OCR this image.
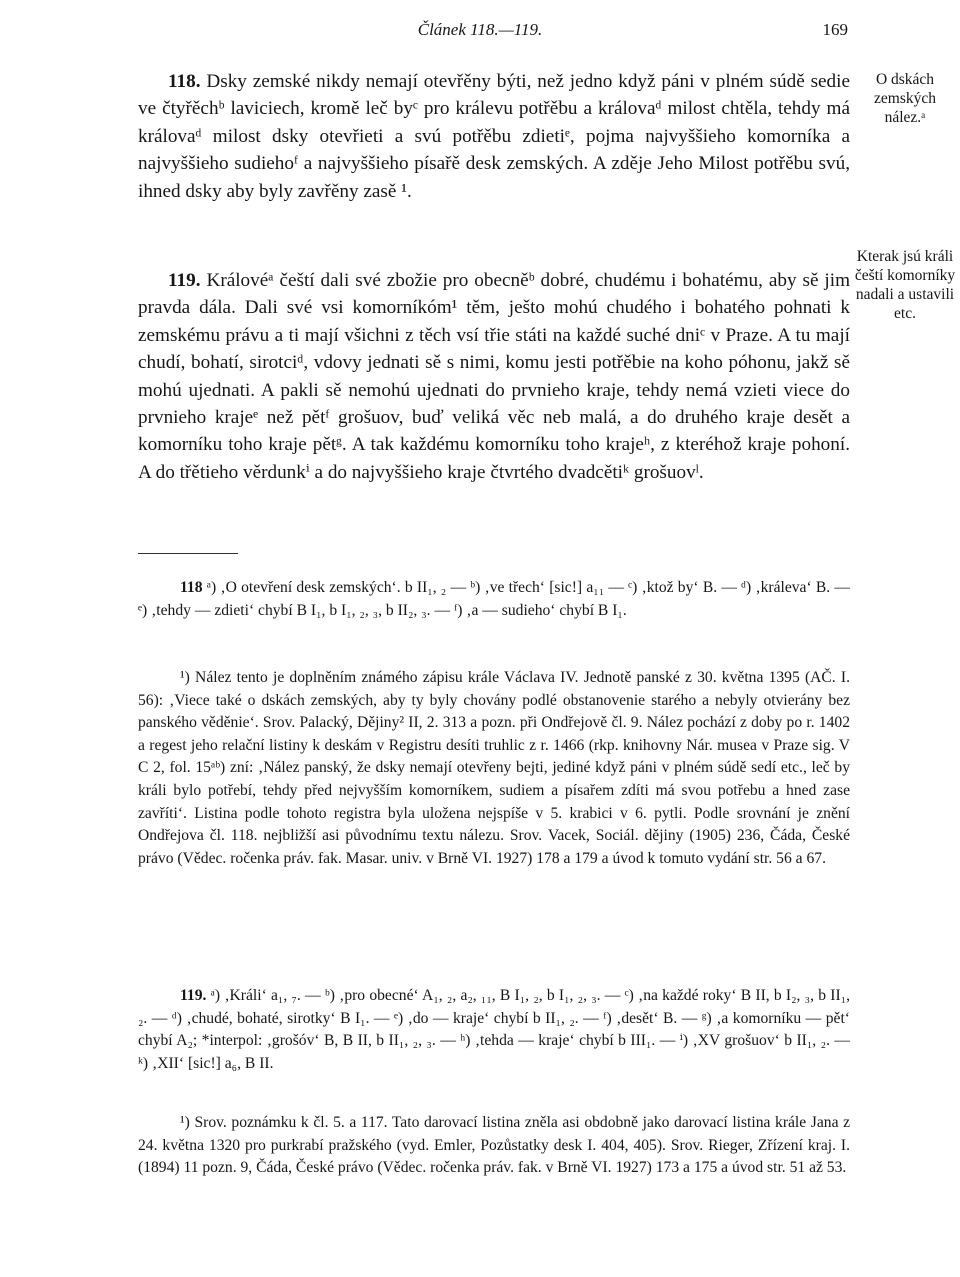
Článek 118.—119.	169

118. Dsky zemské nikdy nemají otevřěny býti, než jedno když páni v plném súdě sedie ve čtyřěchᵇ laviciech, kromě leč byᶜ pro králevu potřěbu a královaᵈ milost chtěla, tehdy má královaᵈ milost dsky otevřieti a svú potřěbu zdietiᵉ, pojma najvyššieho komorníka a najvyššieho sudiehoᶠ a najvyššieho písařě desk zemských. A zděje Jeho Milost potřěbu svú, ihned dsky aby byly zavřěny zasě ¹.

O dskách zemských nález.ᵃ

119. Královéᵃ čeští dali své zbožie pro obecněᵇ dobré, chudému i bohatému, aby sě jim pravda dála. Dali své vsi komorníkóm¹ těm, ješto mohú chudého i bohatého pohnati k zemskému právu a ti mají všichni z těch vsí třie státi na každé suché dniᶜ v Praze. A tu mají chudí, bohatí, sirotciᵈ, vdovy jednati sě s nimi, komu jesti potřěbie na koho póhonu, jakž sě mohú ujednati. A pakli sě nemohú ujednati do prvnieho kraje, tehdy nemá vzieti viece do prvnieho krajeᵉ než pětᶠ grošuov, buď veliká věc neb malá, a do druhého kraje desět a komorníku toho kraje pětᵍ. A tak každému komorníku toho krajeʰ, z kteréhož kraje pohoní. A do třětieho věrdunkⁱ a do najvyššieho kraje čtvrtého dvadcětiᵏ grošuovˡ.

Kterak jsú králi čeští komorníky nadali a ustavili etc.

118 ᵃ) ‚O otevření desk zemských‘. b II₁, ₂ — ᵇ) ‚ve třech‘ [sic!] a₁₁ — ᶜ) ‚ktož by‘ B. — ᵈ) ‚králeva‘ B. — ᵉ) ‚tehdy — zdieti‘ chybí B I₁, b I₁, ₂, ₃, b II₂, ₃. — ᶠ) ‚a — sudieho‘ chybí B I₁.

¹) Nález tento je doplněním známého zápisu krále Václava IV. Jednotě panské z 30. května 1395 (AČ. I. 56): ‚Viece také o dskách zemských, aby ty byly chovány podlé obstanovenie starého a nebyly otvierány bez panského věděnie‘. Srov. Palacký, Dějiny² II, 2. 313 a pozn. při Ondřejově čl. 9. Nález pochází z doby po r. 1402 a regest jeho relační listiny k deskám v Registru desíti truhlic z r. 1466 (rkp. knihovny Nár. musea v Praze sig. V C 2, fol. 15ᵃᵇ) zní: ‚Nález panský, že dsky nemají otevřeny bejti, jediné když páni v plném súdě sedí etc., leč by králi bylo potřebí, tehdy před nejvyšším komorníkem, sudiem a písařem zdíti má svou potřebu a hned zase zavříti‘. Listina podle tohoto registra byla uložena nejspíše v 5. krabici v 6. pytli. Podle srovnání je znění Ondřejova čl. 118. nejbližší asi původnímu textu nálezu. Srov. Vacek, Sociál. dějiny (1905) 236, Čáda, České právo (Vědec. ročenka práv. fak. Masar. univ. v Brně VI. 1927) 178 a 179 a úvod k tomuto vydání str. 56 a 67.

119. ᵃ) ‚Králi‘ a₁, ₇. — ᵇ) ‚pro obecné‘ A₁, ₂, a₂, ₁₁, B I₁, ₂, b I₁, ₂, ₃. — ᶜ) ‚na každé roky‘ B II, b I₂, ₃, b II₁, ₂. — ᵈ) ‚chudé, bohaté, sirotky‘ B I₁. — ᵉ) ‚do — kraje‘ chybí b II₁, ₂. — ᶠ) ‚desět‘ B. — ᵍ) ‚a komorníku — pět‘ chybí A₂; *interpol: ‚grošóv‘ B, B II, b II₁, ₂, ₃. — ʰ) ‚tehda — kraje‘ chybí b III₁. — ⁱ) ‚XV grošuov‘ b II₁, ₂. — ᵏ) ‚XII‘ [sic!] a₆, B II.

¹) Srov. poznámku k čl. 5. a 117. Tato darovací listina zněla asi obdobně jako darovací listina krále Jana z 24. května 1320 pro purkrabí pražského (vyd. Emler, Pozůstatky desk I. 404, 405). Srov. Rieger, Zřízení kraj. I. (1894) 11 pozn. 9, Čáda, České právo (Vědec. ročenka práv. fak. v Brně VI. 1927) 173 a 175 a úvod str. 51 až 53.
